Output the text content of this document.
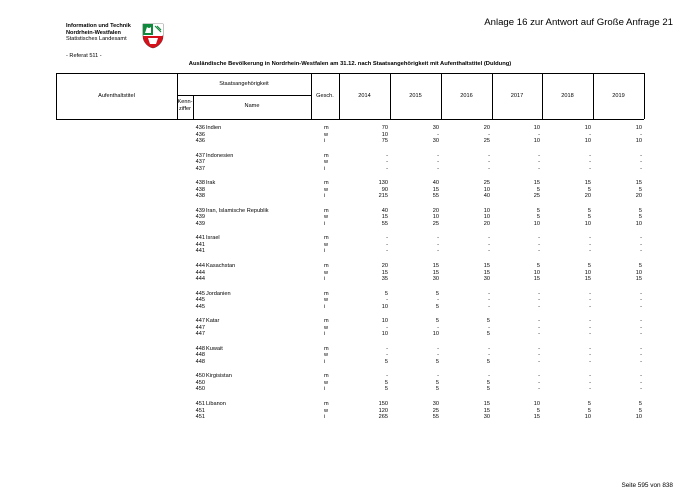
Information und Technik
Nordrhein-Westfalen
Statistisches Landesamt
Anlage 16 zur Antwort auf Große Anfrage 21
- Referat 511 -
Ausländische Bevölkerung in Nordrhein-Westfalen am 31.12. nach Staatsangehörigkeit mit Aufenthaltstitel (Duldung)
Aufenthaltstitel
Staatsangehörigkeit
Kenn-
ziffer	Name
Gesch.	2014	2015	2016	2017	2018	2019
436 Indien	m	70	30	20	10	10	10
436	w	10	-	-	-	-	-
436	i	75	30	25	10	10	10
437 Indonesien	m	-	-	-	-	-	-
437	w	-	-	-	-	-	-
437	i	-	-	-	-	-	-
438 Irak	m	130	40	25	15	15	15
438	w	90	15	10	5	5	5
438	i	215	55	40	25	20	20
439 Iran, Islamische Republik	m	40	20	10	5	5	5
439	w	15	10	10	5	5	5
439	i	55	25	20	10	10	10
441 Israel	m	-	-	-	-	-	-
441	w	-	-	-	-	-	-
441	i	-	-	-	-	-	-
444 Kasachstan	m	20	15	15	5	5	5
444	w	15	15	15	10	10	10
444	i	35	30	30	15	15	15
445 Jordanien	m	5	5	-	-	-	-
445	w	-	-	-	-	-	-
445	i	10	5	-	-	-	-
447 Katar	m	10	5	5	-	-	-
447	w	-	-	-	-	-	-
447	i	10	10	5	-	-	-
448 Kuwait	m	-	-	-	-	-	-
448	w	-	-	-	-	-	-
448	i	5	5	5	-	-	-
450 Kirgisistan	m	-	-	-	-	-	-
450	w	5	5	5	-	-	-
450	i	5	5	5	-	-	-
451 Libanon	m	150	30	15	10	5	5
451	w	120	25	15	5	5	5
451	i	265	55	30	15	10	10
Seite 595 von 838
